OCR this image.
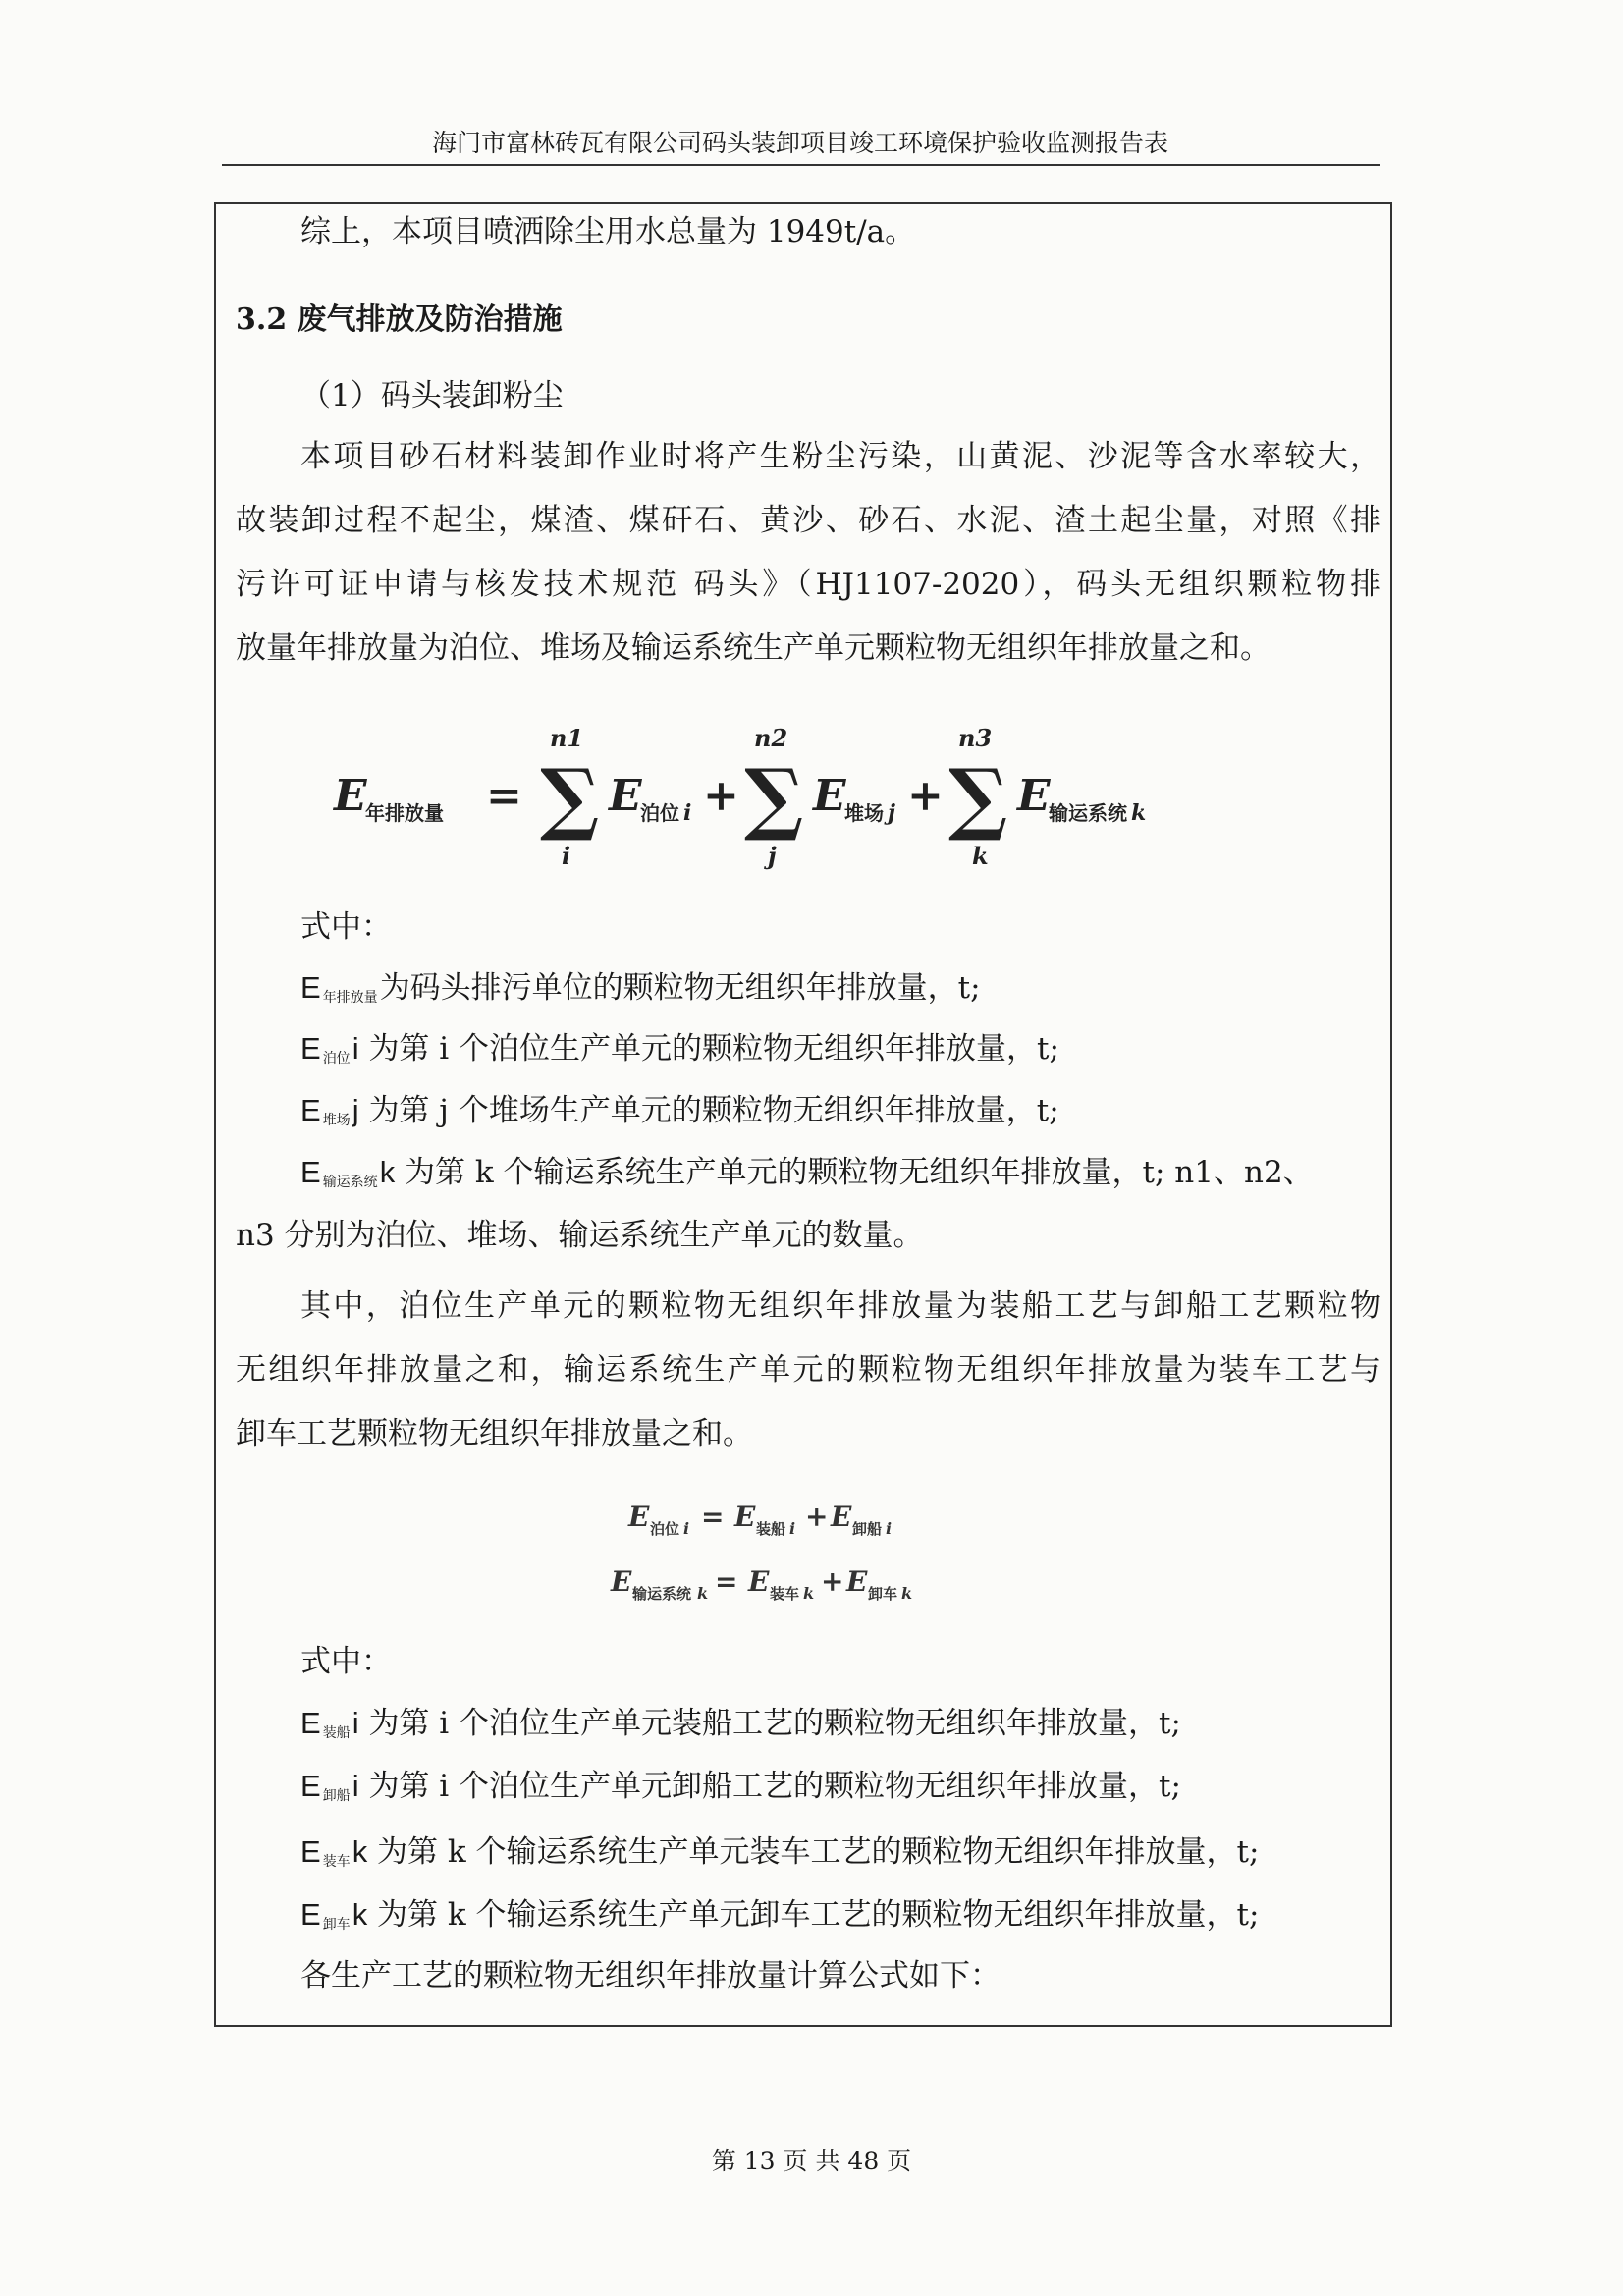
海门市富林砖瓦有限公司码头装卸项目竣工环境保护验收监测报告表
综上，本项目喷洒除尘用水总量为 1949t/a。
3.2 废气排放及防治措施
（1）码头装卸粉尘
本项目砂石材料装卸作业时将产生粉尘污染，山黄泥、沙泥等含水率较大，
故装卸过程不起尘，煤渣、煤矸石、黄沙、砂石、水泥、渣土起尘量，对照《排
污许可证申请与核发技术规范 码头》（HJ1107-2020），码头无组织颗粒物排
放量年排放量为泊位、堆场及输运系统生产单元颗粒物无组织年排放量之和。
E
年排放量 = ∑
n1
i
E
泊位 i + ∑
n2
j
E
堆场 j + ∑
n3
k
E
输运系统 k
式中：
E $_{年排放量}$为码头排污单位的颗粒物无组织年排放量，t;
E $_{泊位}$i 为第 i 个泊位生产单元的颗粒物无组织年排放量，t;
E $_{堆场}$j 为第 j 个堆场生产单元的颗粒物无组织年排放量，t;
E $_{输运系统}$k 为第 k 个输运系统生产单元的颗粒物无组织年排放量，t; n1、n2、
n3 分别为泊位、堆场、输运系统生产单元的数量。
其中，泊位生产单元的颗粒物无组织年排放量为装船工艺与卸船工艺颗粒物
无组织年排放量之和，输运系统生产单元的颗粒物无组织年排放量为装车工艺与
卸车工艺颗粒物无组织年排放量之和。
E 泊位 i = E 装船 i + E 卸船 i
E 输运系统 k = E 装车 k + E 卸车 k
式中：
E $_{装船}$i 为第 i 个泊位生产单元装船工艺的颗粒物无组织年排放量，t;
E $_{卸船}$i 为第 i 个泊位生产单元卸船工艺的颗粒物无组织年排放量，t;
E $_{装车}$k 为第 k 个输运系统生产单元装车工艺的颗粒物无组织年排放量，t;
E $_{卸车}$k 为第 k 个输运系统生产单元卸车工艺的颗粒物无组织年排放量，t;
各生产工艺的颗粒物无组织年排放量计算公式如下：
第 13 页 共 48 页
